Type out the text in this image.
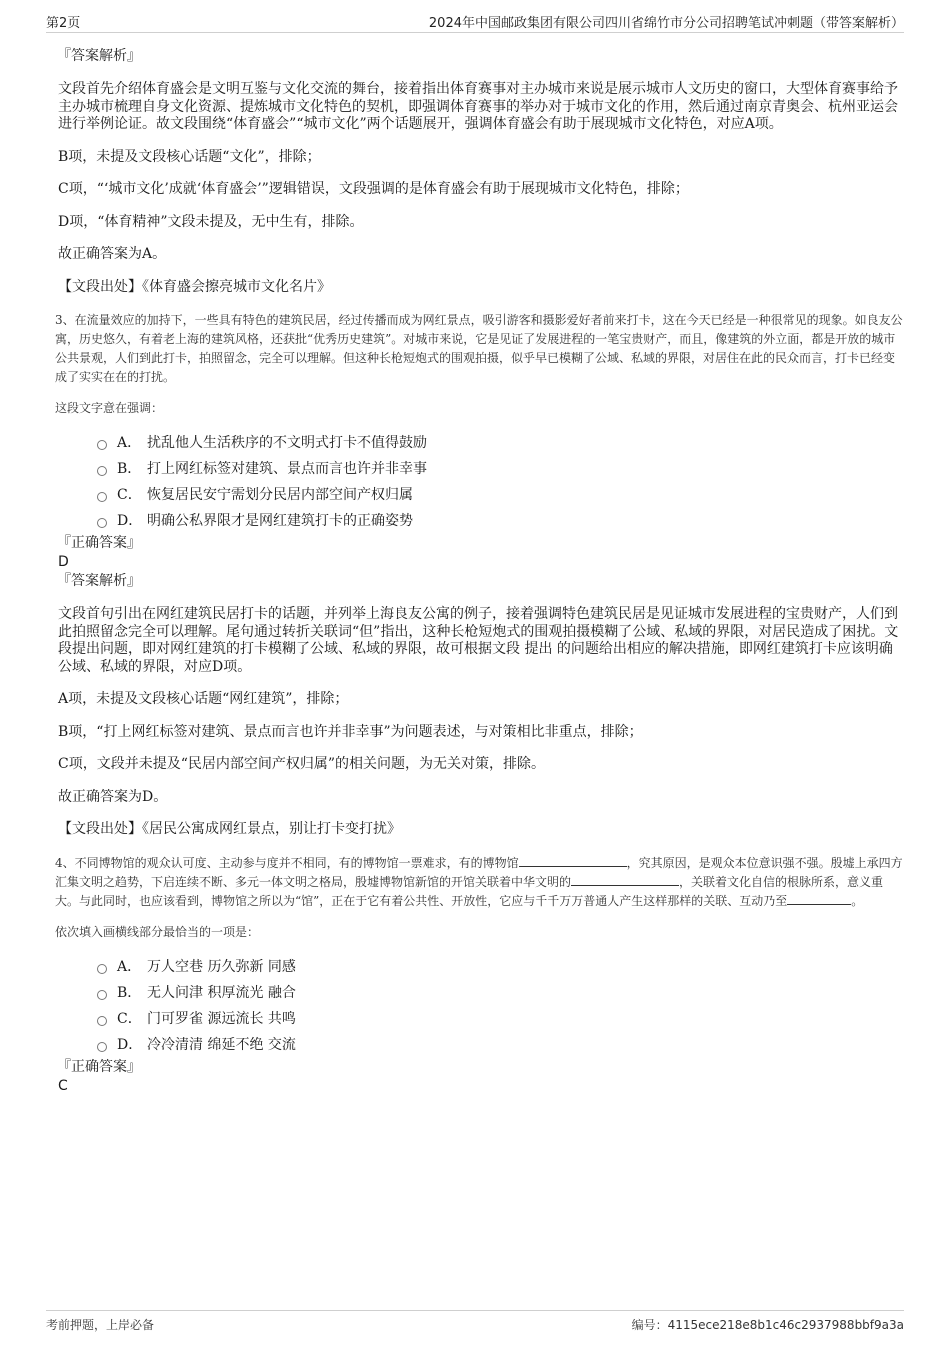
第2页	2024年中国邮政集团有限公司四川省绵竹市分公司招聘笔试冲刺题（带答案解析）
『答案解析』
文段首先介绍体育盛会是文明互鉴与文化交流的舞台，接着指出体育赛事对主办城市来说是展示城市人文历史的窗口，大型体育赛事给予主办城市梳理自身文化资源、提炼城市文化特色的契机，即强调体育赛事的举办对于城市文化的作用，然后通过南京青奥会、杭州亚运会进行举例论证。故文段围绕“体育盛会”“城市文化”两个话题展开，强调体育盛会有助于展现城市文化特色，对应A项。
B项，未提及文段核心话题“文化”，排除；
C项，“‘城市文化’成就‘体育盛会’”逻辑错误，文段强调的是体育盛会有助于展现城市文化特色，排除；
D项，“体育精神”文段未提及，无中生有，排除。
故正确答案为A。
【文段出处】《体育盛会擦亮城市文化名片》
3、在流量效应的加持下，一些具有特色的建筑民居，经过传播而成为网红景点，吸引游客和摄影爱好者前来打卡，这在今天已经是一种很常见的现象。如良友公寓，历史悠久，有着老上海的建筑风格，还获批“优秀历史建筑”。对城市来说，它是见证了发展进程的一笔宝贵财产，而且，像建筑的外立面，都是开放的城市公共景观，人们到此打卡，拍照留念，完全可以理解。但这种长枪短炮式的围观拍摄，似乎早已模糊了公域、私域的界限，对居住在此的民众而言，打卡已经变成了实实在在的打扰。
这段文字意在强调：
A． 扰乱他人生活秩序的不文明式打卡不值得鼓励
B． 打上网红标签对建筑、景点而言也许并非幸事
C． 恢复居民安宁需划分民居内部空间产权归属
D． 明确公私界限才是网红建筑打卡的正确姿势
『正确答案』
D
『答案解析』
文段首句引出在网红建筑民居打卡的话题，并列举上海良友公寓的例子，接着强调特色建筑民居是见证城市发展进程的宝贵财产，人们到此拍照留念完全可以理解。尾句通过转折关联词“但”指出，这种长枪短炮式的围观拍摄模糊了公域、私域的界限，对居民造成了困扰。文段提出问题，即对网红建筑的打卡模糊了公域、私域的界限，故可根据文段 提出 的问题给出相应的解决措施，即网红建筑打卡应该明确公域、私域的界限，对应D项。
A项，未提及文段核心话题“网红建筑”，排除；
B项，“打上网红标签对建筑、景点而言也许并非幸事”为问题表述，与对策相比非重点，排除；
C项，文段并未提及“民居内部空间产权归属”的相关问题，为无关对策，排除。
故正确答案为D。
【文段出处】《居民公寓成网红景点，别让打卡变打扰》
4、不同博物馆的观众认可度、主动参与度并不相同，有的博物馆一票难求，有的博物馆	，究其原因，是观众本位意识强不强。殷墟上承四方汇集文明之趋势，下启连续不断、多元一体文明之格局，殷墟博物馆新馆的开馆关联着中华文明的	，关联着文化自信的根脉所系，意义重大。与此同时，也应该看到，博物馆之所以为“馆”，正在于它有着公共性、开放性，它应与千千万万普通人产生这样那样的关联、互动乃至	。
依次填入画横线部分最恰当的一项是：
A． 万人空巷 历久弥新 同感
B． 无人问津 积厚流光 融合
C． 门可罗雀 源远流长 共鸣
D． 冷冷清清 绵延不绝 交流
『正确答案』
C
考前押题，上岸必备	编号：4115ece218e8b1c46c2937988bbf9a3a
